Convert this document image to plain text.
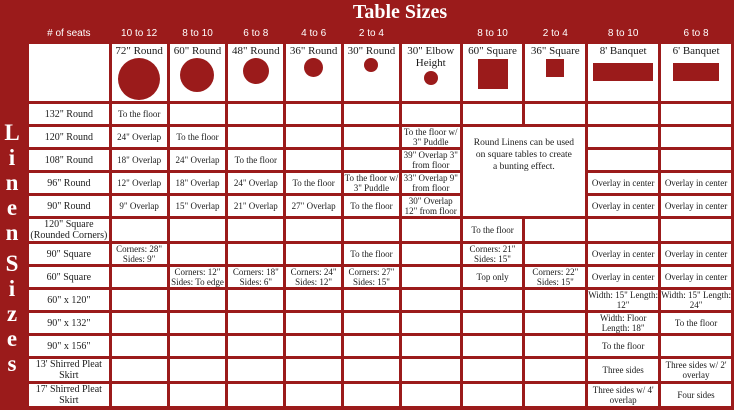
Table Sizes
L
i
n
e
n

S
i
z
e
s
# of seats	10 to 12	8 to 10	6 to 8	4 to 6	2 to 4		8 to 10	2 to 4	8 to 10	6 to 8

	72" Round	60" Round	48" Round	36" Round	30" Round	30" Elbow Height	60" Square	36" Square	8' Banquet	6' Banquet

132" Round	To the floor									
120" Round	24" Overlap	To the floor				To the floor w/ 3" Puddle	Round Linens can be used on square tables to create a bunting effect.			
108" Round	18" Overlap	24" Overlap	To the floor			39" Overlap 3" from floor				
96" Round	12" Overlap	18" Overlap	24" Overlap	To the floor	To the floor w/ 3" Puddle	33" Overlap 9" from floor			Overlay in center	Overlay in center
90" Round	9" Overlap	15" Overlap	21" Overlap	27" Overlap	To the floor	30" Overlap 12" from floor			Overlay in center	Overlay in center
120" Square (Rounded Corners)							To the floor			
90" Square	Corners: 28" Sides: 9"				To the floor		Corners: 21" Sides: 15"		Overlay in center	Overlay in center
60" Square		Corners: 12" Sides: To edge	Corners: 18" Sides: 6"	Corners: 24" Sides: 12"	Corners: 27" Sides: 15"		Top only	Corners: 22" Sides: 15"	Overlay in center	Overlay in center
60" x 120"									Width: 15" Length: 12"	Width: 15" Length: 24"
90" x 132"									Width: Floor Length: 18"	To the floor
90" x 156"									To the floor	
13' Shirred Pleat Skirt									Three sides	Three sides w/ 2' overlay
17' Shirred Pleat Skirt									Three sides w/ 4' overlap	Four sides
